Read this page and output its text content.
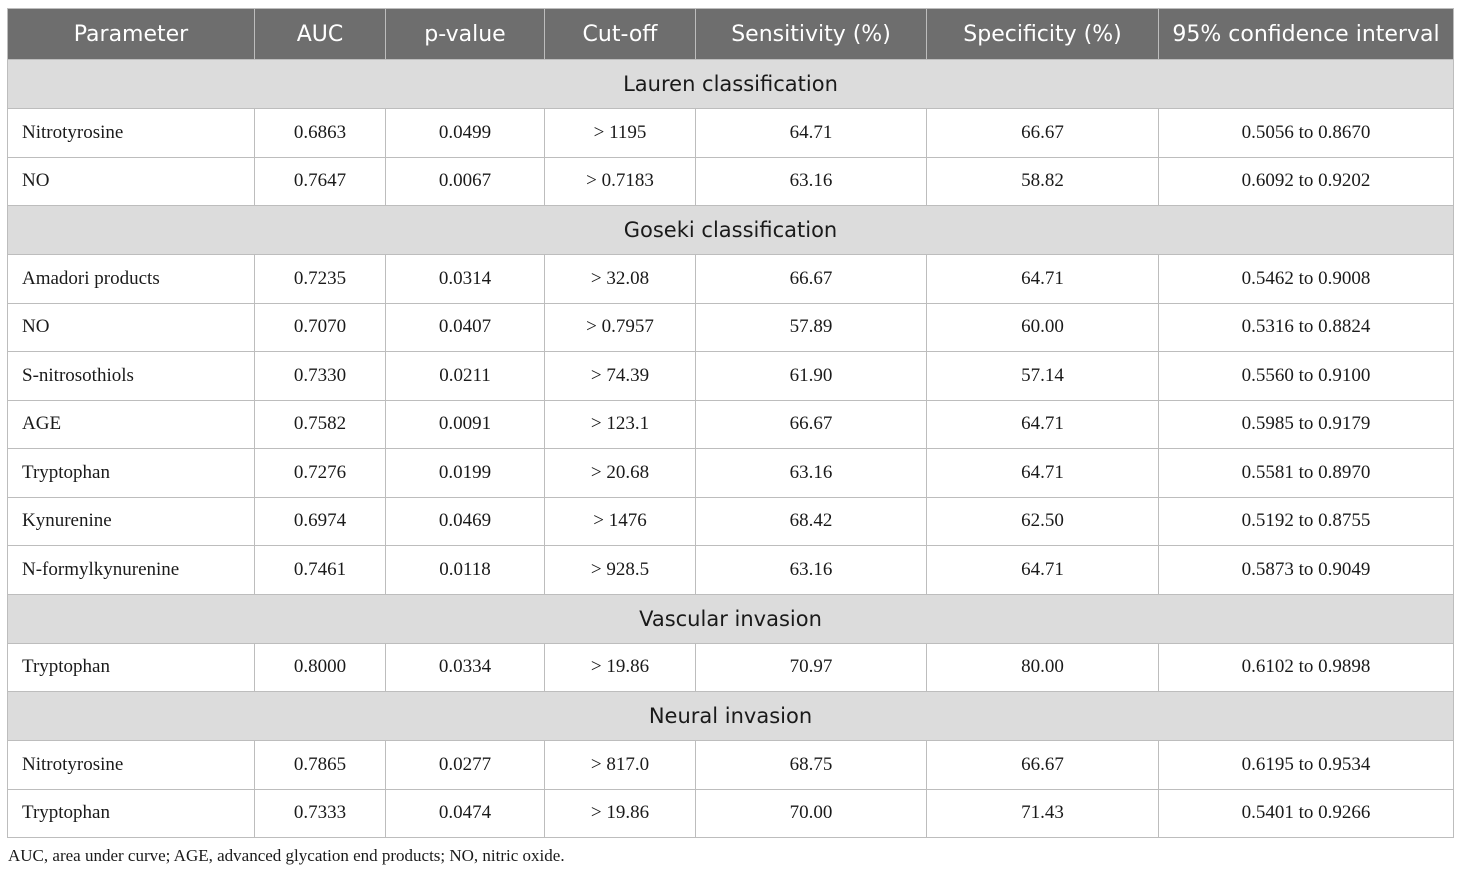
Parameter	AUC	p-value	Cut-off	Sensitivity (%)	Specificity (%)	95% confidence interval
Lauren classification						
Nitrotyrosine	0.6863	0.0499	> 1195	64.71	66.67	0.5056 to 0.8670
NO	0.7647	0.0067	> 0.7183	63.16	58.82	0.6092 to 0.9202
Goseki classification						
Amadori products	0.7235	0.0314	> 32.08	66.67	64.71	0.5462 to 0.9008
NO	0.7070	0.0407	> 0.7957	57.89	60.00	0.5316 to 0.8824
S-nitrosothiols	0.7330	0.0211	> 74.39	61.90	57.14	0.5560 to 0.9100
AGE	0.7582	0.0091	> 123.1	66.67	64.71	0.5985 to 0.9179
Tryptophan	0.7276	0.0199	> 20.68	63.16	64.71	0.5581 to 0.8970
Kynurenine	0.6974	0.0469	> 1476	68.42	62.50	0.5192 to 0.8755
N-formylkynurenine	0.7461	0.0118	> 928.5	63.16	64.71	0.5873 to 0.9049
Vascular invasion						
Tryptophan	0.8000	0.0334	> 19.86	70.97	80.00	0.6102 to 0.9898
Neural invasion						
Nitrotyrosine	0.7865	0.0277	> 817.0	68.75	66.67	0.6195 to 0.9534
Tryptophan	0.7333	0.0474	> 19.86	70.00	71.43	0.5401 to 0.9266
AUC, area under curve; AGE, advanced glycation end products; NO, nitric oxide.
